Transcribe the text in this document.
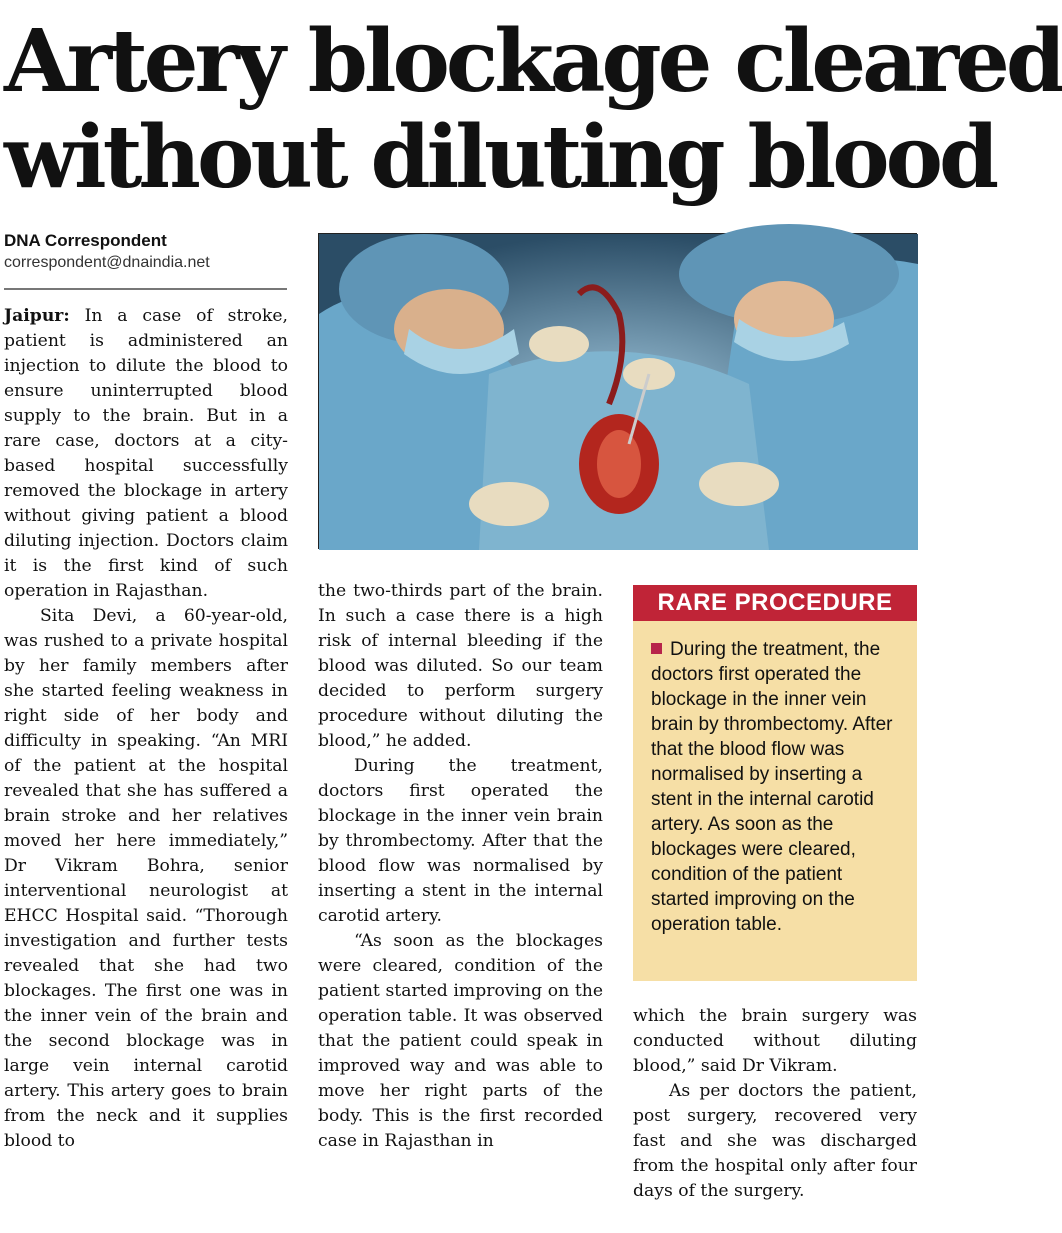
Artery blockage cleared
without diluting blood
DNA Correspondent
correspondent@dnaindia.net

Jaipur: In a case of stroke, patient is administered an injection to dilute the blood to ensure uninterrupted blood supply to the brain. But in a rare case, doctors at a city-based hospital successfully removed the blockage in artery without giving patient a blood diluting injection. Doctors claim it is the first kind of such operation in Rajasthan.

Sita Devi, a 60-year-old, was rushed to a private hospital by her family members after she started feeling weakness in right side of her body and difficulty in speaking. “An MRI of the patient at the hospital revealed that she has suffered a brain stroke and her relatives moved her here immediately,” Dr Vikram Bohra, senior interventional neurologist at EHCC Hospital said. “Thorough investigation and further tests revealed that she had two blockages. The first one was in the inner vein of the brain and the second blockage was in large vein internal carotid artery. This artery goes to brain from the neck and it supplies blood to

the two-thirds part of the brain. In such a case there is a high risk of internal bleeding if the blood was diluted. So our team decided to perform surgery procedure without diluting the blood,” he added.

During the treatment, doctors first operated the blockage in the inner vein brain by thrombectomy. After that the blood flow was normalised by inserting a stent in the internal carotid artery.

“As soon as the blockages were cleared, condition of the patient started improving on the operation table. It was observed that the patient could speak in improved way and was able to move her right parts of the body. This is the first recorded case in Rajasthan in

RARE PROCEDURE
During the treatment, the doctors first operated the blockage in the inner vein brain by thrombectomy. After that the blood flow was normalised by inserting a stent in the internal carotid artery. As soon as the blockages were cleared, condition of the patient started improving on the operation table.

which the brain surgery was conducted without diluting blood,” said Dr Vikram.

As per doctors the patient, post surgery, recovered very fast and she was discharged from the hospital only after four days of the surgery.
